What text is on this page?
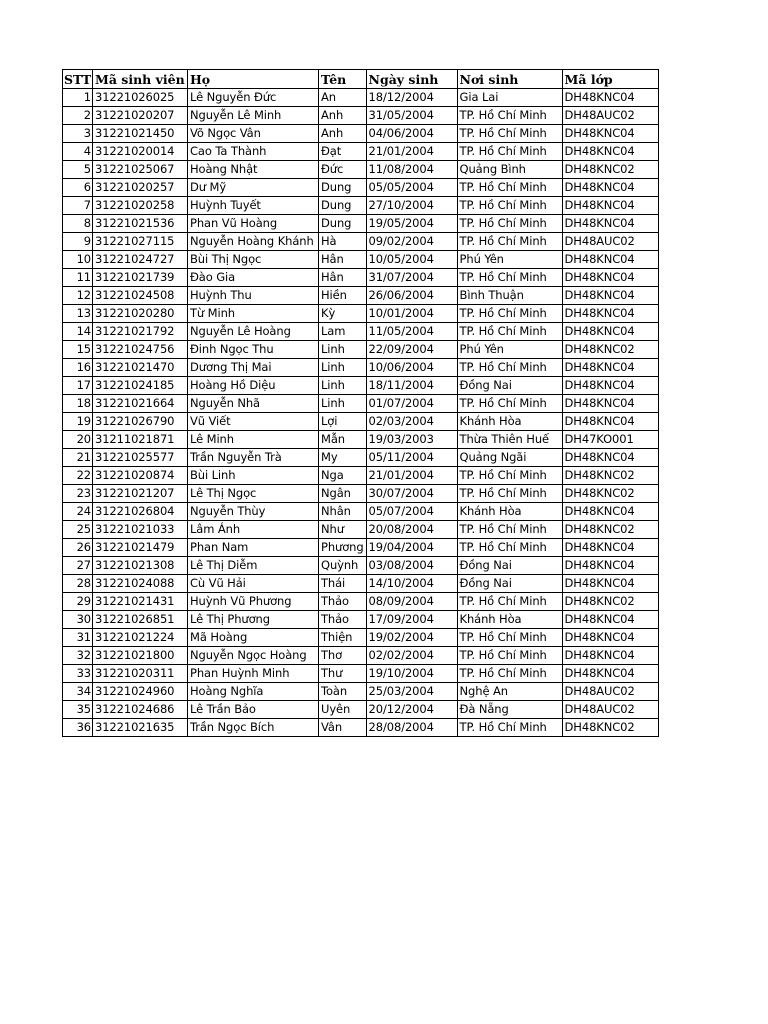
STT	Mã sinh viên	Họ	Tên	Ngày sinh	Nơi sinh	Mã lớp
1	31221026025	Lê Nguyễn Đức	An	18/12/2004	Gia Lai	DH48KNC04
2	31221020207	Nguyễn Lê Minh	Anh	31/05/2004	TP. Hồ Chí Minh	DH48AUC02
3	31221021450	Võ Ngọc Vân	Anh	04/06/2004	TP. Hồ Chí Minh	DH48KNC04
4	31221020014	Cao Ta Thành	Đạt	21/01/2004	TP. Hồ Chí Minh	DH48KNC04
5	31221025067	Hoàng Nhật	Đức	11/08/2004	Quảng Bình	DH48KNC02
6	31221020257	Dư Mỹ	Dung	05/05/2004	TP. Hồ Chí Minh	DH48KNC04
7	31221020258	Huỳnh Tuyết	Dung	27/10/2004	TP. Hồ Chí Minh	DH48KNC04
8	31221021536	Phan Vũ Hoàng	Dung	19/05/2004	TP. Hồ Chí Minh	DH48KNC04
9	31221027115	Nguyễn Hoàng Khánh	Hà	09/02/2004	TP. Hồ Chí Minh	DH48AUC02
10	31221024727	Bùi Thị Ngọc	Hân	10/05/2004	Phú Yên	DH48KNC04
11	31221021739	Đào Gia	Hân	31/07/2004	TP. Hồ Chí Minh	DH48KNC04
12	31221024508	Huỳnh Thu	Hiền	26/06/2004	Bình Thuận	DH48KNC04
13	31221020280	Từ Minh	Kỳ	10/01/2004	TP. Hồ Chí Minh	DH48KNC04
14	31221021792	Nguyễn Lê Hoàng	Lam	11/05/2004	TP. Hồ Chí Minh	DH48KNC04
15	31221024756	Đinh Ngọc Thu	Linh	22/09/2004	Phú Yên	DH48KNC02
16	31221021470	Dương Thị Mai	Linh	10/06/2004	TP. Hồ Chí Minh	DH48KNC04
17	31221024185	Hoàng Hồ Diệu	Linh	18/11/2004	Đồng Nai	DH48KNC04
18	31221021664	Nguyễn Nhã	Linh	01/07/2004	TP. Hồ Chí Minh	DH48KNC04
19	31221026790	Vũ Viết	Lợi	02/03/2004	Khánh Hòa	DH48KNC04
20	31211021871	Lê Minh	Mẫn	19/03/2003	Thừa Thiên Huế	DH47KO001
21	31221025577	Trần Nguyễn Trà	My	05/11/2004	Quảng Ngãi	DH48KNC04
22	31221020874	Bùi Linh	Nga	21/01/2004	TP. Hồ Chí Minh	DH48KNC02
23	31221021207	Lê Thị Ngọc	Ngân	30/07/2004	TP. Hồ Chí Minh	DH48KNC02
24	31221026804	Nguyễn Thùy	Nhân	05/07/2004	Khánh Hòa	DH48KNC04
25	31221021033	Lâm Ánh	Như	20/08/2004	TP. Hồ Chí Minh	DH48KNC02
26	31221021479	Phan Nam	Phương	19/04/2004	TP. Hồ Chí Minh	DH48KNC04
27	31221021308	Lê Thị Diễm	Quỳnh	03/08/2004	Đồng Nai	DH48KNC04
28	31221024088	Cù Vũ Hải	Thái	14/10/2004	Đồng Nai	DH48KNC04
29	31221021431	Huỳnh Vũ Phương	Thảo	08/09/2004	TP. Hồ Chí Minh	DH48KNC02
30	31221026851	Lê Thị Phương	Thảo	17/09/2004	Khánh Hòa	DH48KNC04
31	31221021224	Mã Hoàng	Thiện	19/02/2004	TP. Hồ Chí Minh	DH48KNC04
32	31221021800	Nguyễn Ngọc Hoàng	Thơ	02/02/2004	TP. Hồ Chí Minh	DH48KNC04
33	31221020311	Phan Huỳnh Minh	Thư	19/10/2004	TP. Hồ Chí Minh	DH48KNC04
34	31221024960	Hoàng Nghĩa	Toàn	25/03/2004	Nghệ An	DH48AUC02
35	31221024686	Lê Trần Bảo	Uyên	20/12/2004	Đà Nẵng	DH48AUC02
36	31221021635	Trần Ngọc Bích	Vân	28/08/2004	TP. Hồ Chí Minh	DH48KNC02
